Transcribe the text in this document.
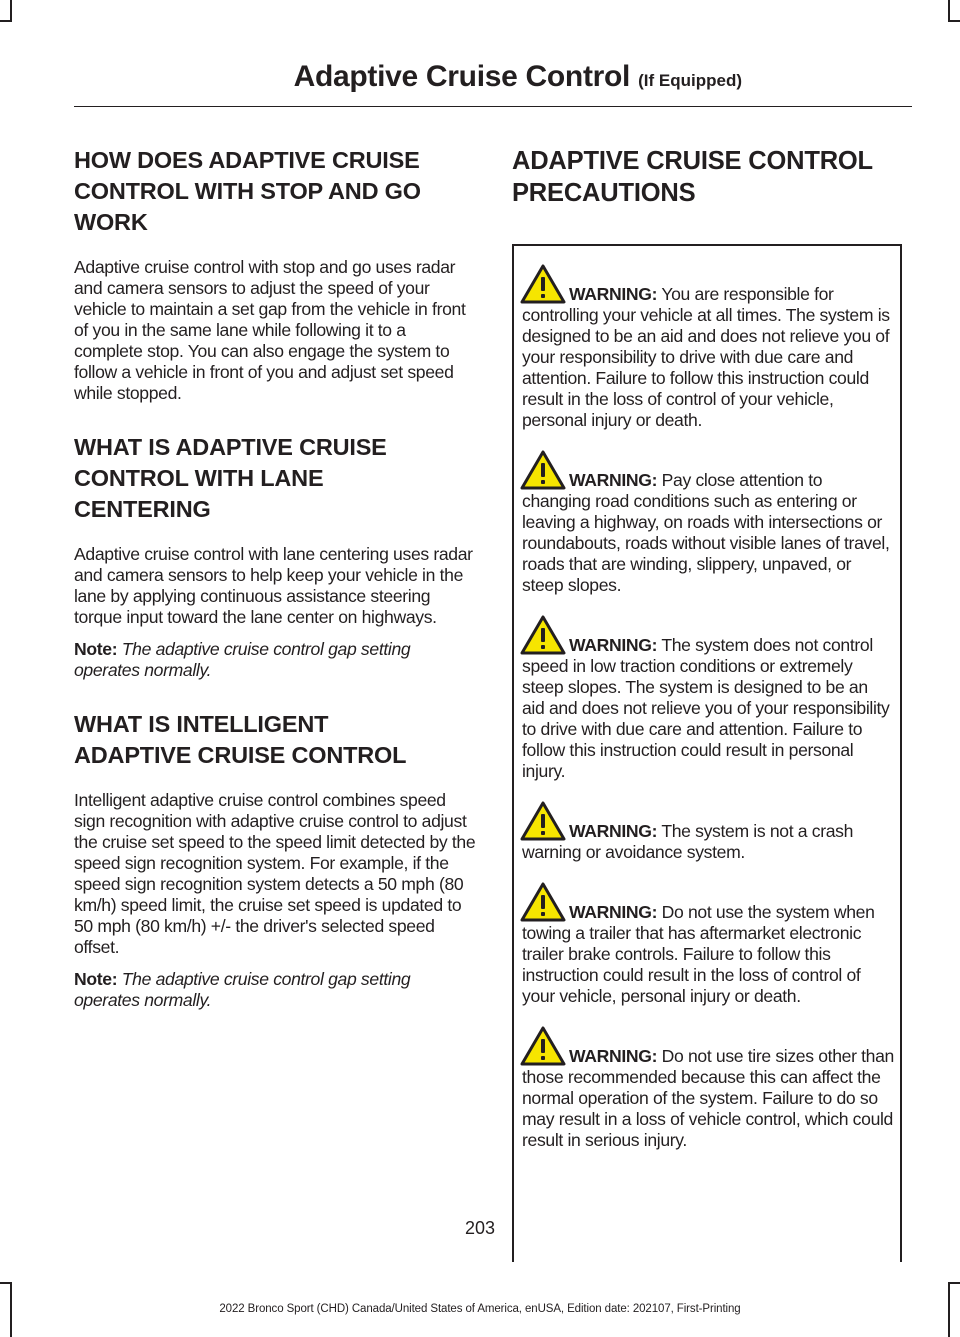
Adaptive Cruise Control (If Equipped)
HOW DOES ADAPTIVE CRUISE
CONTROL WITH STOP AND GO
WORK

Adaptive cruise control with stop and go uses radar and camera sensors to adjust the speed of your vehicle to maintain a set gap from the vehicle in front of you in the same lane while following it to a complete stop. You can also engage the system to follow a vehicle in front of you and adjust set speed while stopped.

WHAT IS ADAPTIVE CRUISE
CONTROL WITH LANE
CENTERING

Adaptive cruise control with lane centering uses radar and camera sensors to help keep your vehicle in the lane by applying continuous assistance steering torque input toward the lane center on highways.

Note: The adaptive cruise control gap setting operates normally.

WHAT IS INTELLIGENT
ADAPTIVE CRUISE CONTROL

Intelligent adaptive cruise control combines speed sign recognition with adaptive cruise control to adjust the cruise set speed to the speed limit detected by the speed sign recognition system. For example, if the speed sign recognition system detects a 50 mph (80 km/h) speed limit, the cruise set speed is updated to 50 mph (80 km/h) +/- the driver's selected speed offset.

Note: The adaptive cruise control gap setting operates normally.

ADAPTIVE CRUISE CONTROL
PRECAUTIONS
WARNING: You are responsible for controlling your vehicle at all times. The system is designed to be an aid and does not relieve you of your responsibility to drive with due care and attention. Failure to follow this instruction could result in the loss of control of your vehicle, personal injury or death.
WARNING: Pay close attention to changing road conditions such as entering or leaving a highway, on roads with intersections or roundabouts, roads without visible lanes of travel, roads that are winding, slippery, unpaved, or steep slopes.
WARNING: The system does not control speed in low traction conditions or extremely steep slopes. The system is designed to be an aid and does not relieve you of your responsibility to drive with due care and attention. Failure to follow this instruction could result in personal injury.
WARNING: The system is not a crash warning or avoidance system.
WARNING: Do not use the system when towing a trailer that has aftermarket electronic trailer brake controls. Failure to follow this instruction could result in the loss of control of your vehicle, personal injury or death.
WARNING: Do not use tire sizes other than those recommended because this can affect the normal operation of the system. Failure to do so may result in a loss of vehicle control, which could result in serious injury.
203
2022 Bronco Sport (CHD) Canada/United States of America, enUSA, Edition date: 202107, First-Printing
